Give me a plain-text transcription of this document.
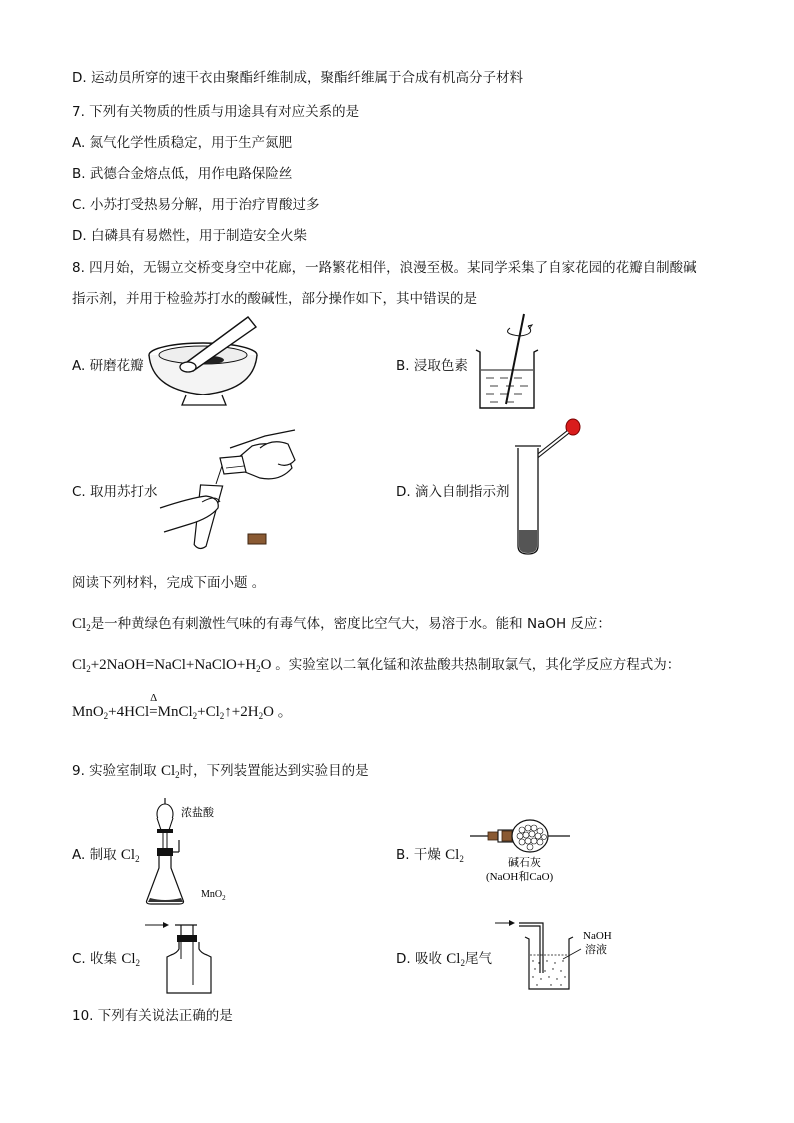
D. 运动员所穿的速干衣由聚酯纤维制成，聚酯纤维属于合成有机高分子材料
7. 下列有关物质的性质与用途具有对应关系的是
A. 氮气化学性质稳定，用于生产氮肥
B. 武德合金熔点低，用作电路保险丝
C. 小苏打受热易分解，用于治疗胃酸过多
D. 白磷具有易燃性，用于制造安全火柴
8. 四月始，无锡立交桥变身空中花廊，一路繁花相伴，浪漫至极。某同学采集了自家花园的花瓣自制酸碱
指示剂，并用于检验苏打水的酸碱性，部分操作如下，其中错误的是
A. 研磨花瓣	B. 浸取色素
C. 取用苏打水	D. 滴入自制指示剂
阅读下列材料，完成下面小题 。
$Cl_2$是一种黄绿色有刺激性气味的有毒气体，密度比空气大，易溶于水。能和 NaOH 反应：
$Cl_2+2NaOH=NaCl+NaClO+H_2O$ 。实验室以二氧化锰和浓盐酸共热制取氯气，其化学反应方程式为：
MnO$_2$+4HCl
Δ
$=MnCl_2+Cl_2↑+2H_2O$ 。
9. 实验室制取 $Cl_2$时，下列装置能达到实验目的是
A. 制取 $Cl_2$	B. 干燥 $Cl_2$
C. 收集 $Cl_2$	D. 吸收 $Cl_2$尾气
浓盐酸
MnO$_2$
碱石灰
(NaOH和CaO)
NaOH
溶液
10. 下列有关说法正确的是
